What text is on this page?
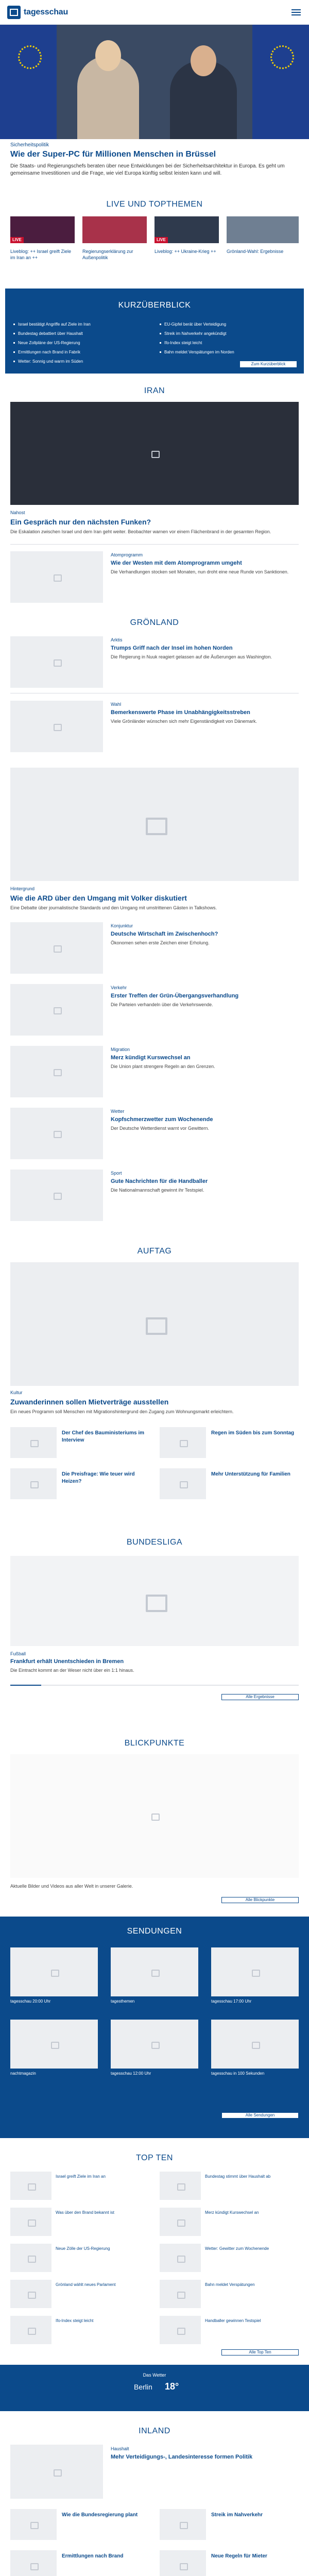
tagesschau
Sicherheitspolitik
Wie der Super-PC für Millionen Menschen in Brüssel

Die Staats- und Regierungschefs beraten über neue Entwicklungen bei der Sicherheitsarchitektur in Europa. Es geht um gemeinsame Investitionen und die Frage, wie viel Europa künftig selbst leisten kann und will.

LIVE UND TOPTHEMEN
LIVE
Liveblog: ++ Israel greift Ziele im Iran an ++
Regierungserklärung zur Außenpolitik
LIVE
Liveblog: ++ Ukraine-Krieg ++	Grönland-Wahl: Ergebnisse
KURZÜBERBLICK
Israel bestätigt Angriffe auf Ziele im Iran
Bundestag debattiert über Haushalt
Neue Zollpläne der US-Regierung
Ermittlungen nach Brand in Fabrik
Wetter: Sonnig und warm im Süden
EU-Gipfel berät über Verteidigung
Streik im Nahverkehr angekündigt
Ifo-Index steigt leicht
Bahn meldet Verspätungen im Norden
Zum Kurzüberblick
IRAN
Nahost
Ein Gespräch nur den nächsten Funken?
Die Eskalation zwischen Israel und dem Iran geht weiter. Beobachter warnen vor einem Flächenbrand in der gesamten Region.
Atomprogramm
Wie der Westen mit dem Atomprogramm umgeht
Die Verhandlungen stocken seit Monaten, nun droht eine neue Runde von Sanktionen.
GRÖNLAND
Arktis
Trumps Griff nach der Insel im hohen Norden
Die Regierung in Nuuk reagiert gelassen auf die Äußerungen aus Washington.
Wahl
Bemerkenswerte Phase im Unabhängigkeitsstreben
Viele Grönländer wünschen sich mehr Eigenständigkeit von Dänemark.
Hintergrund
Wie die ARD über den Umgang mit Volker diskutiert
Eine Debatte über journalistische Standards und den Umgang mit umstrittenen Gästen in Talkshows.
Konjunktur
Deutsche Wirtschaft im Zwischenhoch?
Ökonomen sehen erste Zeichen einer Erholung.
Verkehr
Erster Treffen der Grün-Übergangsverhandlung
Die Parteien verhandeln über die Verkehrswende.
Migration
Merz kündigt Kurswechsel an
Die Union plant strengere Regeln an den Grenzen.
Wetter
Kopfschmerzwetter zum Wochenende
Der Deutsche Wetterdienst warnt vor Gewittern.
Sport
Gute Nachrichten für die Handballer
Die Nationalmannschaft gewinnt ihr Testspiel.
AUFTAG
Kultur
Zuwanderinnen sollen Mietverträge ausstellen
Ein neues Programm soll Menschen mit Migrationshintergrund den Zugang zum Wohnungsmarkt erleichtern.
Der Chef des Bauministeriums im Interview
Regen im Süden bis zum Sonntag
Die Preisfrage: Wie teuer wird Heizen?
Mehr Unterstützung für Familien
BUNDESLIGA
Fußball
Frankfurt erhält Unentschieden in Bremen
Die Eintracht kommt an der Weser nicht über ein 1:1 hinaus.
Alle Ergebnisse
BLICKPUNKTE
Aktuelle Bilder und Videos aus aller Welt in unserer Galerie.
Alle Blickpunkte
SENDUNGEN
tagesschau 20:00 Uhr	tagesthemen	tagesschau 17:00 Uhr
nachtmagazin	tagesschau 12:00 Uhr	tagesschau in 100 Sekunden
Alle Sendungen
TOP TEN
Israel greift Ziele im Iran an	Bundestag stimmt über Haushalt ab
Was über den Brand bekannt ist	Merz kündigt Kurswechsel an
Neue Zölle der US-Regierung	Wetter: Gewitter zum Wochenende
Grönland wählt neues Parlament	Bahn meldet Verspätungen
Ifo-Index steigt leicht	Handballer gewinnen Testspiel
Alle Top Ten
Das Wetter
Berlin 18°
INLAND
Haushalt
Mehr Verteidigungs-, Landesinteresse formen Politik
Wie die Bundesregierung plant	Streik im Nahverkehr
Ermittlungen nach Brand	Neue Regeln für Mieter
